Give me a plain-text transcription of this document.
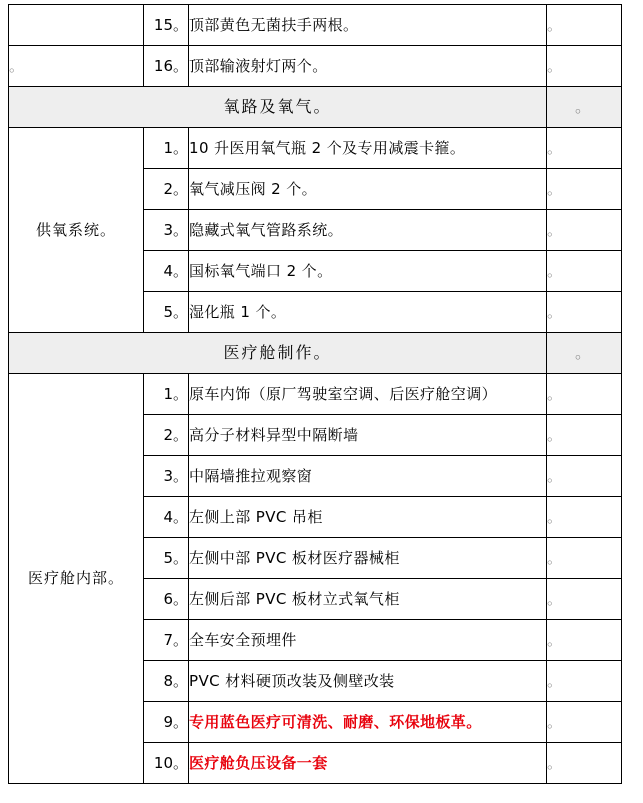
	15。	顶部黄色无菌扶手两根。	。
。	16。	顶部输液射灯两个。	。
氧路及氧气。			。
供氧系统。	1。	10 升医用氧气瓶 2 个及专用减震卡箍。	。
	2。	氧气减压阀 2 个。	。
	3。	隐藏式氧气管路系统。	。
	4。	国标氧气端口 2 个。	。
	5。	湿化瓶 1 个。	。
医疗舱制作。			。
医疗舱内部。	1。	原车内饰（原厂驾驶室空调、后医疗舱空调）	。
	2。	高分子材料异型中隔断墙	。
	3。	中隔墙推拉观察窗	。
	4。	左侧上部 PVC 吊柜	。
	5。	左侧中部 PVC 板材医疗器械柜	。
	6。	左侧后部 PVC 板材立式氧气柜	。
	7。	全车安全预埋件	。
	8。	PVC 材料硬顶改装及侧壁改装	。
	9。	专用蓝色医疗可清洗、耐磨、环保地板革。	。
	10。	医疗舱负压设备一套	。
